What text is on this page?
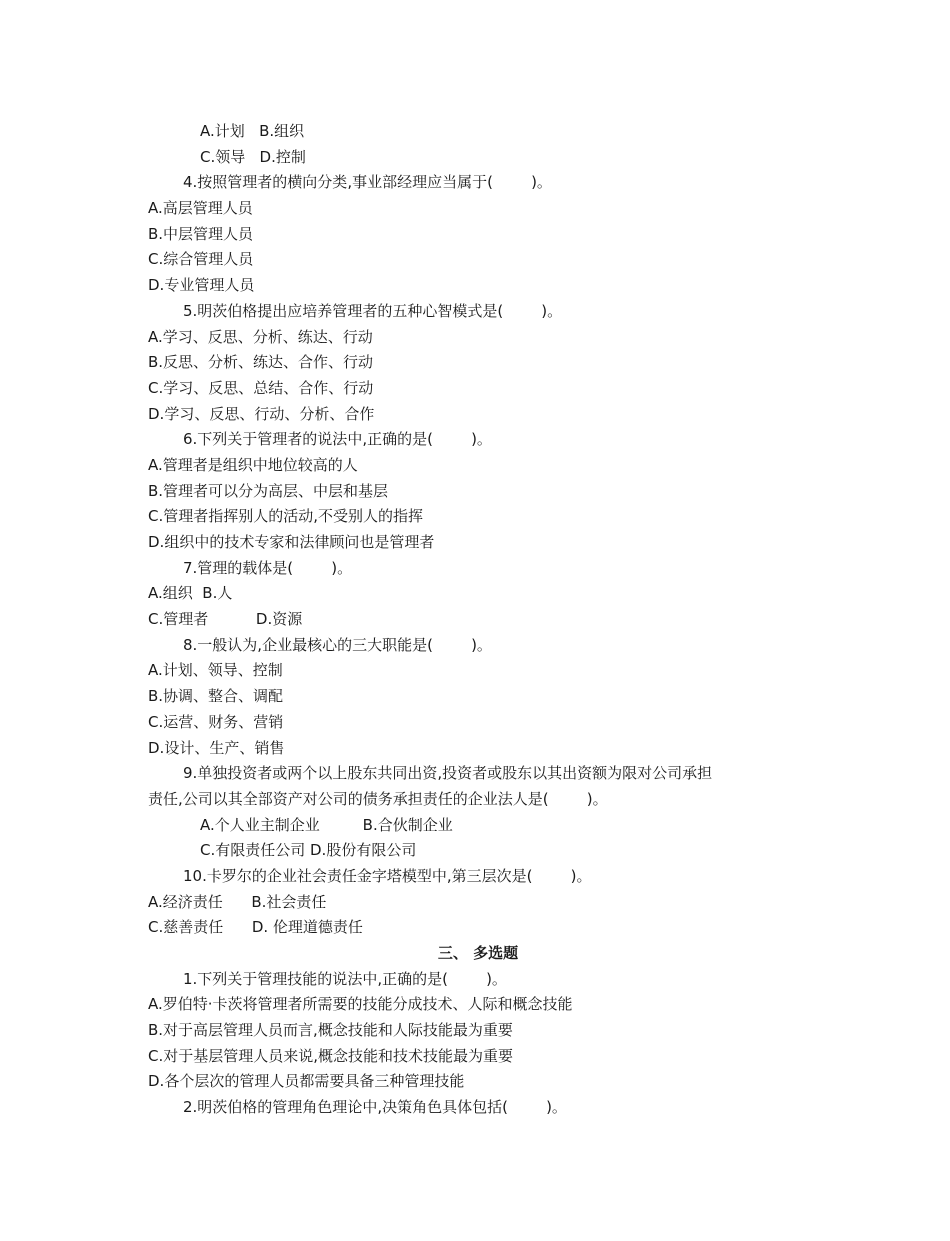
A.计划   B.组织
C.领导   D.控制
4.按照管理者的横向分类,事业部经理应当属于(        )。
A.高层管理人员
B.中层管理人员
C.综合管理人员
D.专业管理人员
5.明茨伯格提出应培养管理者的五种心智模式是(        )。
A.学习、反思、分析、练达、行动
B.反思、分析、练达、合作、行动
C.学习、反思、总结、合作、行动
D.学习、反思、行动、分析、合作
6.下列关于管理者的说法中,正确的是(        )。
A.管理者是组织中地位较高的人
B.管理者可以分为高层、中层和基层
C.管理者指挥别人的活动,不受别人的指挥
D.组织中的技术专家和法律顾问也是管理者
7.管理的载体是(        )。
A.组织  B.人
C.管理者          D.资源
8.一般认为,企业最核心的三大职能是(        )。
A.计划、领导、控制
B.协调、整合、调配
C.运营、财务、营销
D.设计、生产、销售
9.单独投资者或两个以上股东共同出资,投资者或股东以其出资额为限对公司承担
责任,公司以其全部资产对公司的债务承担责任的企业法人是(        )。
A.个人业主制企业         B.合伙制企业
C.有限责任公司 D.股份有限公司
10.卡罗尔的企业社会责任金字塔模型中,第三层次是(        )。
A.经济责任      B.社会责任
C.慈善责任      D. 伦理道德责任
三、 多选题
1.下列关于管理技能的说法中,正确的是(        )。
A.罗伯特·卡茨将管理者所需要的技能分成技术、人际和概念技能
B.对于高层管理人员而言,概念技能和人际技能最为重要
C.对于基层管理人员来说,概念技能和技术技能最为重要
D.各个层次的管理人员都需要具备三种管理技能
2.明茨伯格的管理角色理论中,决策角色具体包括(        )。
